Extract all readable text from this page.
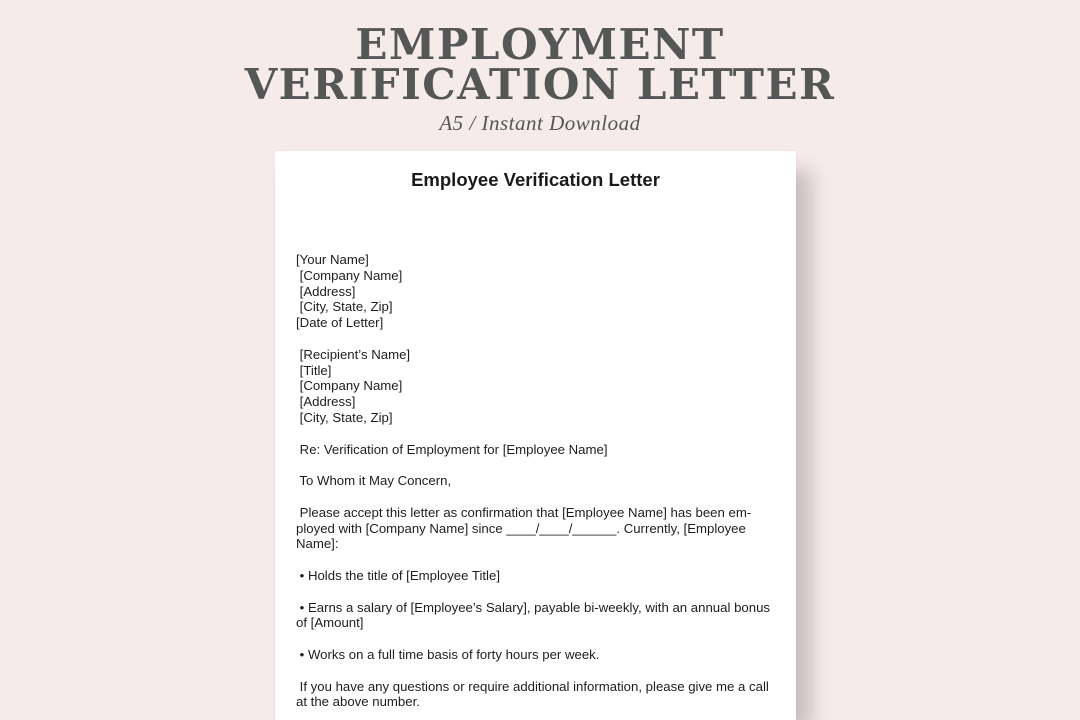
EMPLOYMENT
VERIFICATION LETTER
A5 / Instant Download
Employee Verification Letter
[Your Name]
[Company Name]
[Address]
[City, State, Zip]
[Date of Letter]
[Recipient’s Name]
[Title]
[Company Name]
[Address]
[City, State, Zip]
Re: Verification of Employment for [Employee Name]
To Whom it May Concern,
Please accept this letter as confirmation that [Employee Name] has been em-
ployed with [Company Name] since ____/____/______. Currently, [Employee
Name]:
• Holds the title of [Employee Title]
• Earns a salary of [Employee’s Salary], payable bi-weekly, with an annual bonus
of [Amount]
• Works on a full time basis of forty hours per week.
If you have any questions or require additional information, please give me a call
at the above number.
